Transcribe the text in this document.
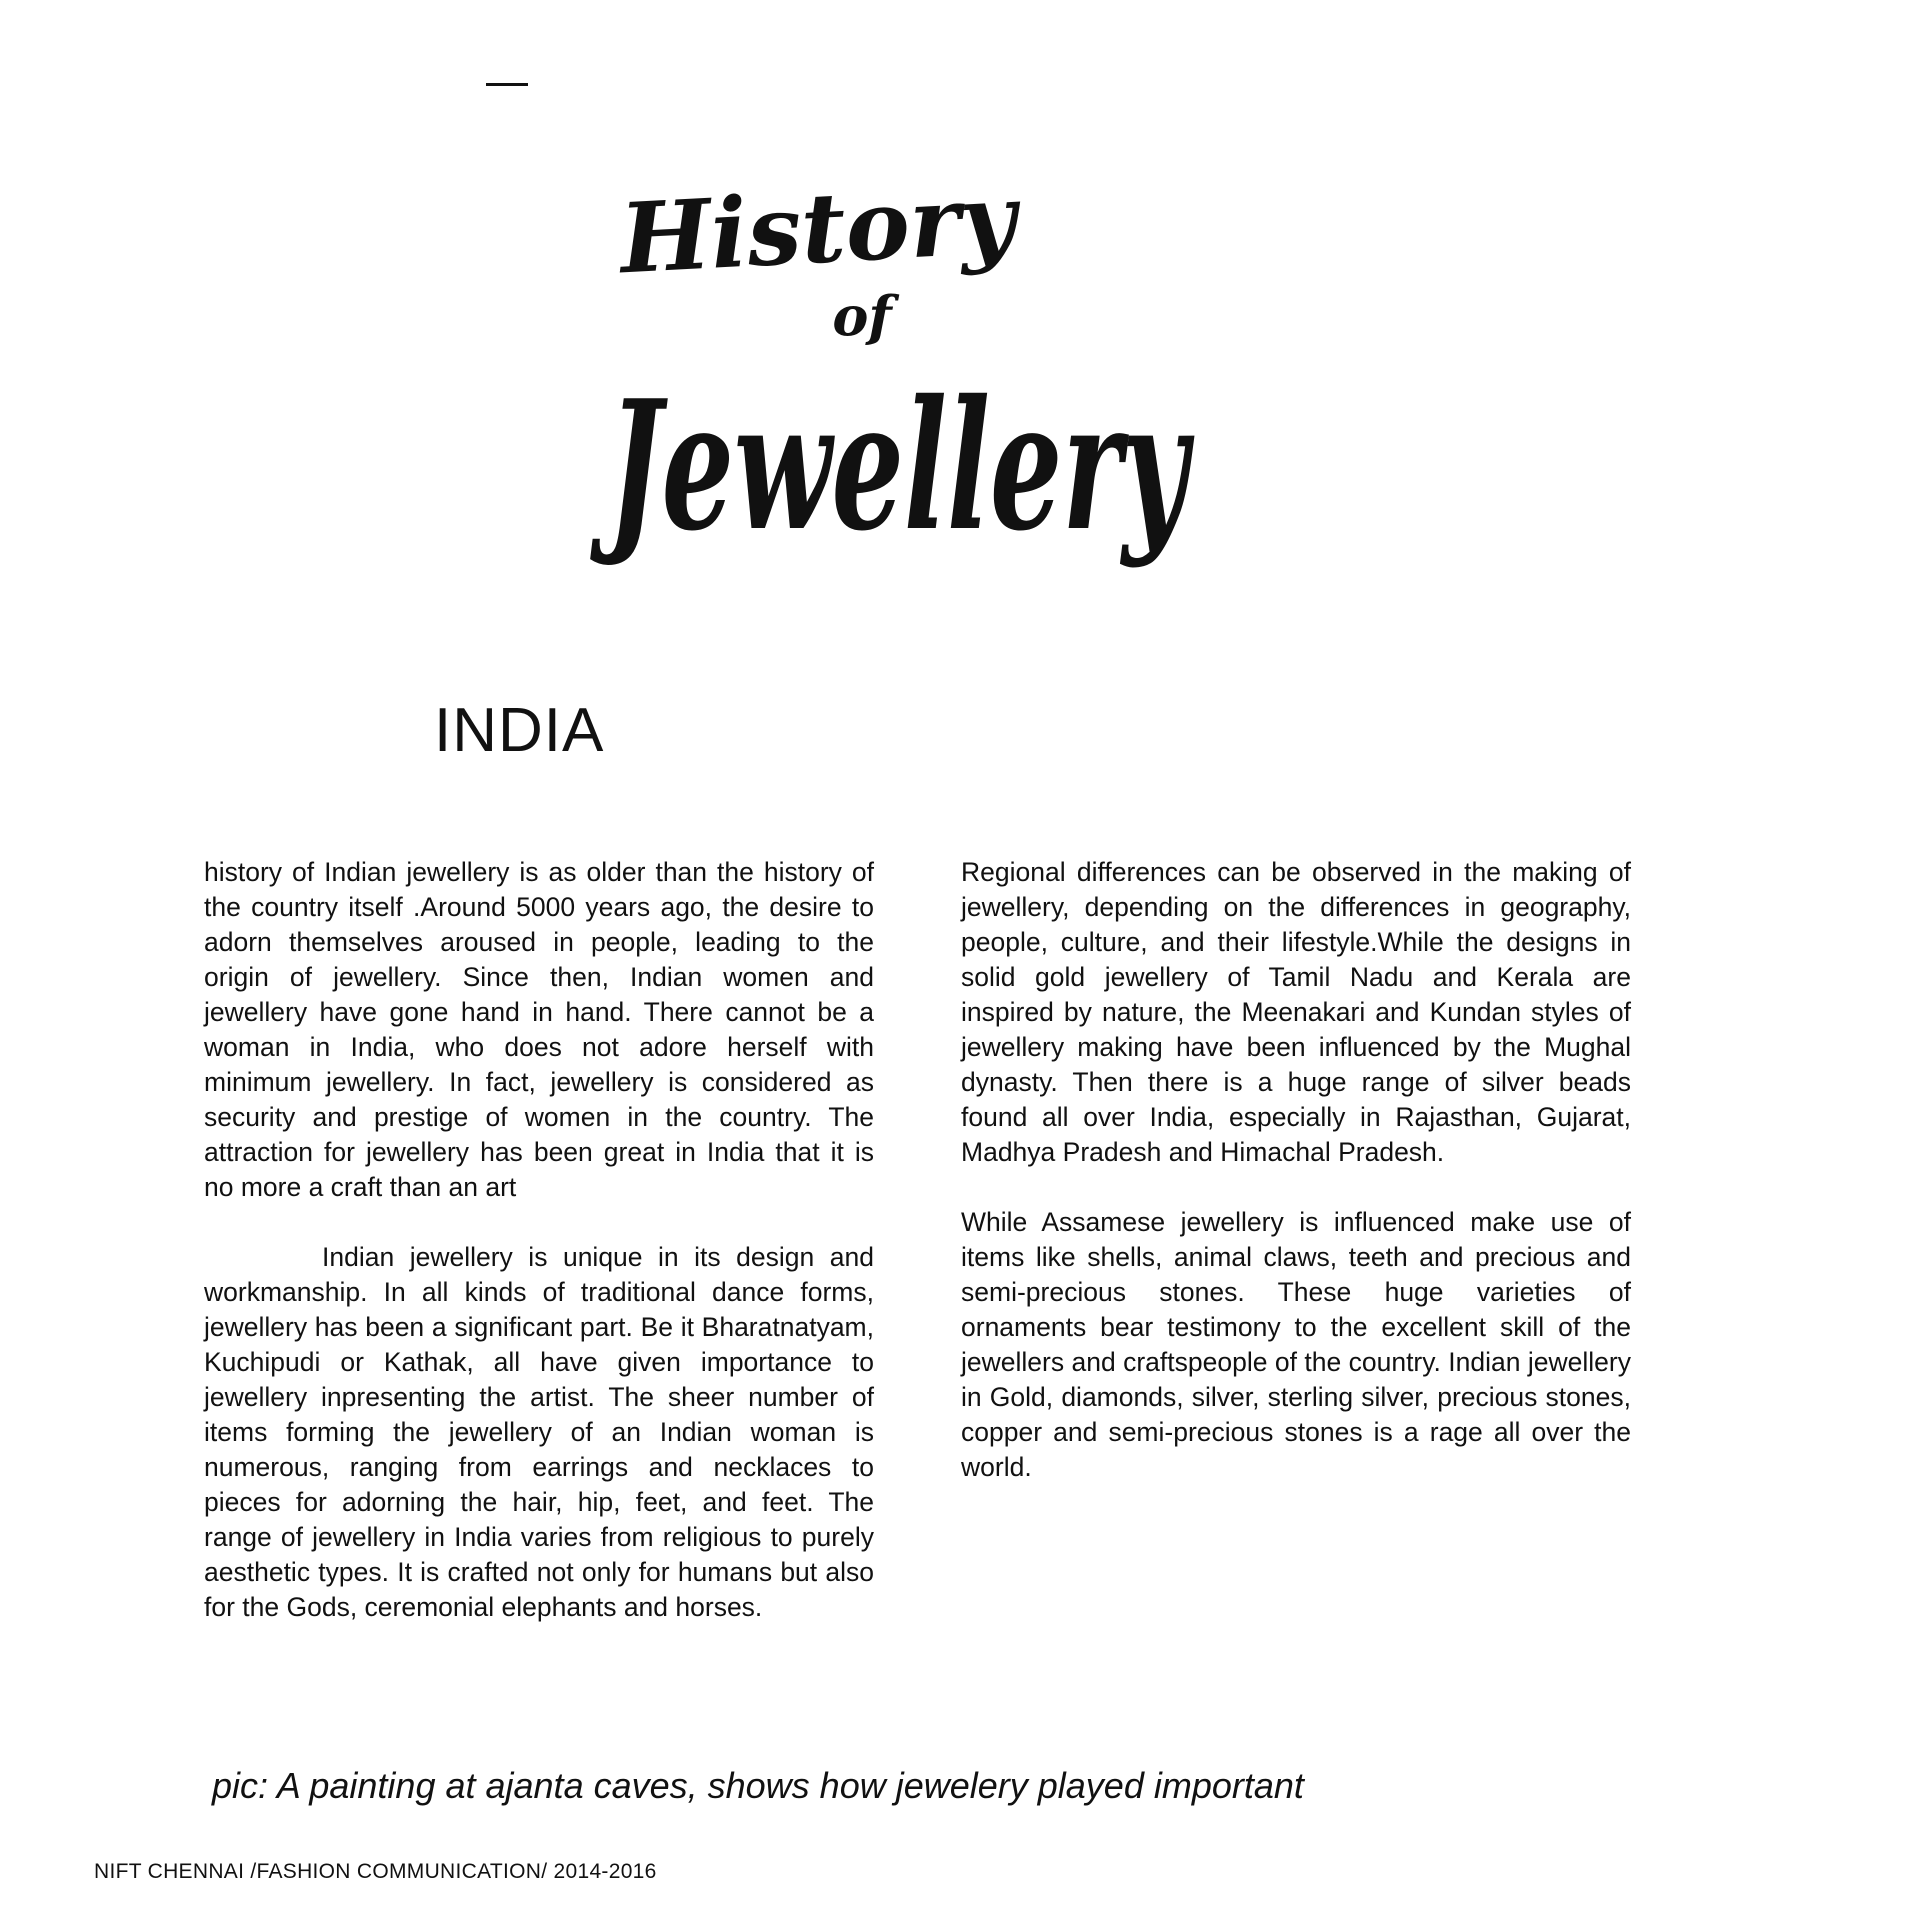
History
of
Jewellery
INDIA

history of Indian jewellery is as older than the history of the country itself .Around 5000 years ago, the desire to adorn themselves aroused in people, leading to the origin of jewellery. Since then, Indian women and jewellery have gone hand in hand. There cannot be a woman in India, who does not adore herself with minimum jewellery. In fact, jewellery is considered as security and prestige of women in the country. The attraction for jewellery has been great in India that it is no more a craft than an art

Indian jewellery is unique in its design and workmanship. In all kinds of traditional dance forms, jewellery has been a significant part. Be it Bharatnatyam, Kuchipudi or Kathak, all have given importance to jewellery inpresenting the artist. The sheer number of items forming the jewellery of an Indian woman is numerous, ranging from earrings and necklaces to pieces for adorning the hair, hip, feet, and feet. The range of jewellery in India varies from religious to purely aesthetic types. It is crafted not only for humans but also for the Gods, ceremonial elephants and horses.

Regional differences can be observed in the making of jewellery, depending on the differences in geography, people, culture, and their lifestyle.While the designs in solid gold jewellery of Tamil Nadu and Kerala are inspired by nature, the Meenakari and Kundan styles of jewellery making have been influenced by the Mughal dynasty. Then there is a huge range of silver beads found all over India, especially in Rajasthan, Gujarat, Madhya Pradesh and Himachal Pradesh.

While Assamese jewellery is influenced make use of items like shells, animal claws, teeth and precious and semi-precious stones. These huge varieties of ornaments bear testimony to the excellent skill of the jewellers and craftspeople of the country. Indian jewellery in Gold, diamonds, silver, sterling silver, precious stones, copper and semi-precious stones is a rage all over the world.

pic: A painting at ajanta caves, shows how jewelery played important

NIFT CHENNAI /FASHION COMMUNICATION/ 2014-2016
